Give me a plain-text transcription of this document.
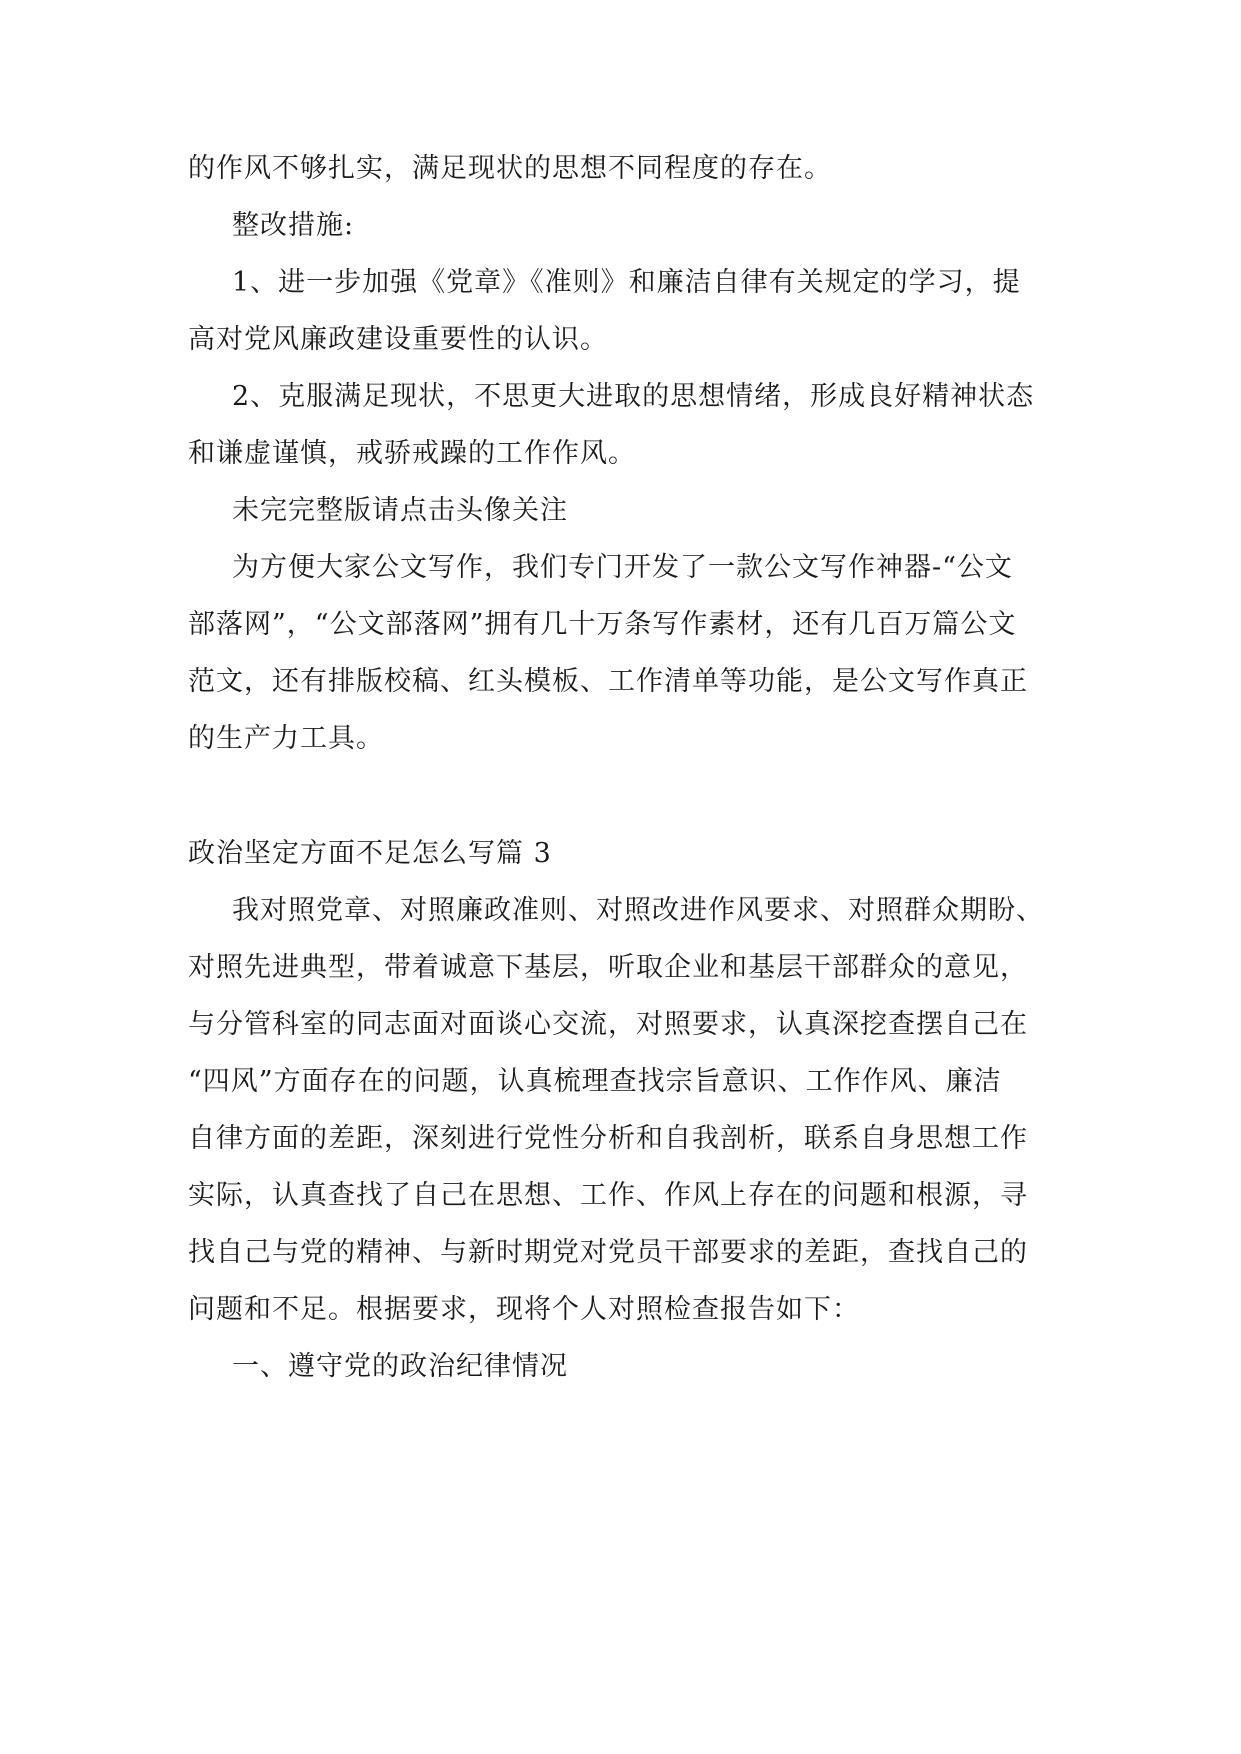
的作风不够扎实，满足现状的思想不同程度的存在。
整改措施:
1、进一步加强《党章》《准则》和廉洁自律有关规定的学习，提
高对党风廉政建设重要性的认识。
2、克服满足现状，不思更大进取的思想情绪，形成良好精神状态
和谦虚谨慎，戒骄戒躁的工作作风。
未完完整版请点击头像关注
为方便大家公文写作，我们专门开发了一款公文写作神器-“公文
部落网”，“公文部落网”拥有几十万条写作素材，还有几百万篇公文
范文，还有排版校稿、红头模板、工作清单等功能，是公文写作真正
的生产力工具。
政治坚定方面不足怎么写篇 3
我对照党章、对照廉政准则、对照改进作风要求、对照群众期盼、
对照先进典型，带着诚意下基层，听取企业和基层干部群众的意见，
与分管科室的同志面对面谈心交流，对照要求，认真深挖查摆自己在
“四风”方面存在的问题，认真梳理查找宗旨意识、工作作风、廉洁
自律方面的差距，深刻进行党性分析和自我剖析，联系自身思想工作
实际，认真查找了自己在思想、工作、作风上存在的问题和根源，寻
找自己与党的精神、与新时期党对党员干部要求的差距，查找自己的
问题和不足。根据要求，现将个人对照检查报告如下：
一、遵守党的政治纪律情况
